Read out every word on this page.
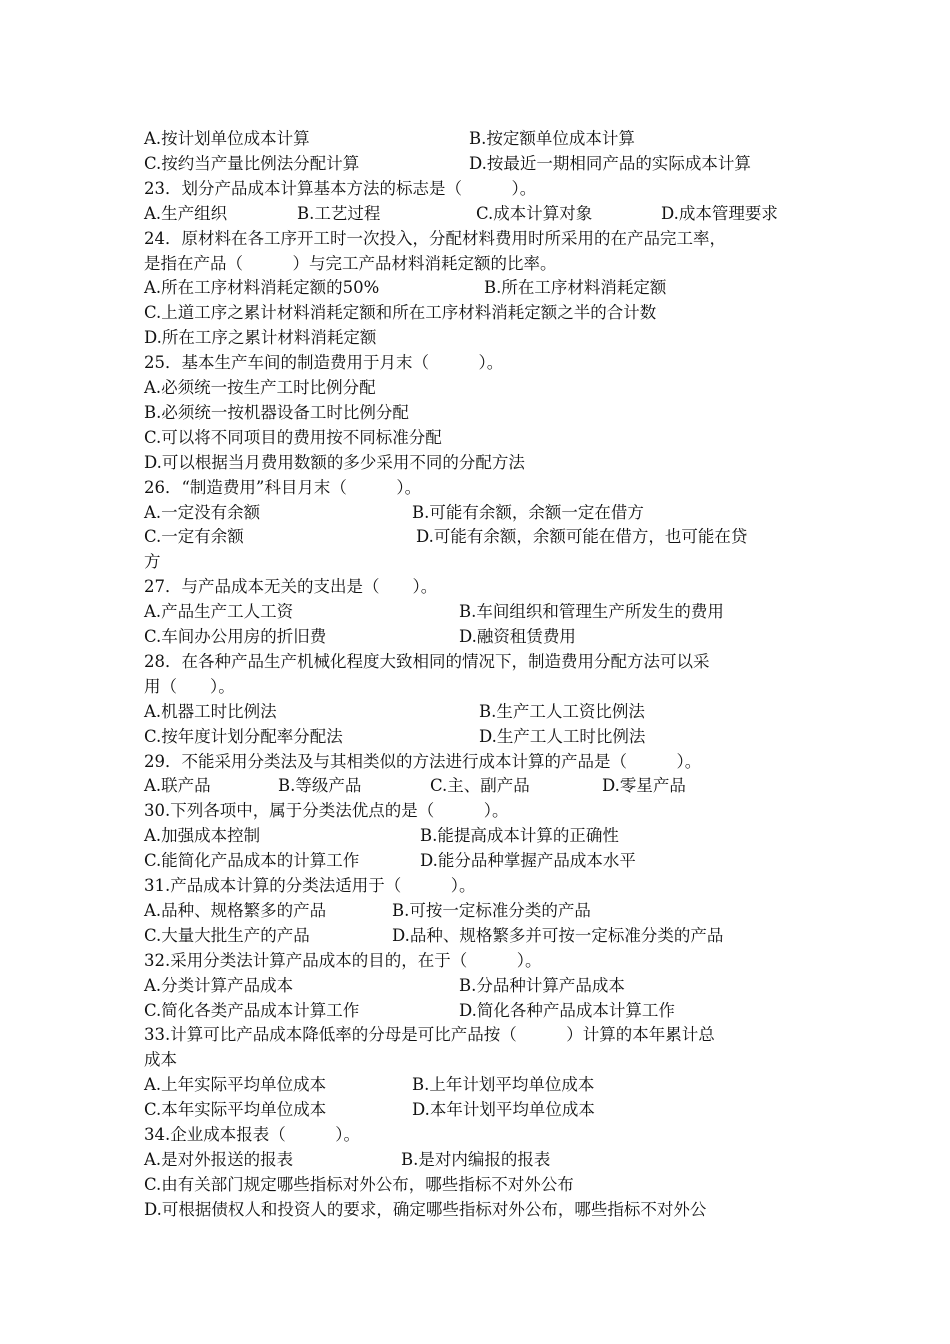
A.按计划单位成本计算	B.按定额单位成本计算
C.按约当产量比例法分配计算	D.按最近一期相同产品的实际成本计算
23．划分产品成本计算基本方法的标志是（　　　）。
A.生产组织	B.工艺过程	C.成本计算对象	D.成本管理要求
24．原材料在各工序开工时一次投入，分配材料费用时所采用的在产品完工率，
是指在产品（　　　）与完工产品材料消耗定额的比率。
A.所在工序材料消耗定额的50%	B.所在工序材料消耗定额
C.上道工序之累计材料消耗定额和所在工序材料消耗定额之半的合计数
D.所在工序之累计材料消耗定额
25．基本生产车间的制造费用于月末（　　　）。
A.必须统一按生产工时比例分配
B.必须统一按机器设备工时比例分配
C.可以将不同项目的费用按不同标准分配
D.可以根据当月费用数额的多少采用不同的分配方法
26．“制造费用”科目月末（　　　）。
A.一定没有余额	B.可能有余额，余额一定在借方
C.一定有余额	D.可能有余额，余额可能在借方，也可能在贷
方
27．与产品成本无关的支出是（　　）。
A.产品生产工人工资	B.车间组织和管理生产所发生的费用
C.车间办公用房的折旧费	D.融资租赁费用
28．在各种产品生产机械化程度大致相同的情况下，制造费用分配方法可以采
用（　　）。
A.机器工时比例法	B.生产工人工资比例法
C.按年度计划分配率分配法	D.生产工人工时比例法
29．不能采用分类法及与其相类似的方法进行成本计算的产品是（　　　）。
A.联产品	B.等级产品	C.主、副产品	D.零星产品
30.下列各项中，属于分类法优点的是（　　　）。
A.加强成本控制	B.能提高成本计算的正确性
C.能简化产品成本的计算工作	D.能分品种掌握产品成本水平
31.产品成本计算的分类法适用于（　　　）。
A.品种、规格繁多的产品	B.可按一定标准分类的产品
C.大量大批生产的产品	D.品种、规格繁多并可按一定标准分类的产品
32.采用分类法计算产品成本的目的，在于（　　　）。
A.分类计算产品成本	B.分品种计算产品成本
C.简化各类产品成本计算工作	D.简化各种产品成本计算工作
33.计算可比产品成本降低率的分母是可比产品按（　　　）计算的本年累计总
成本
A.上年实际平均单位成本	B.上年计划平均单位成本
C.本年实际平均单位成本	D.本年计划平均单位成本
34.企业成本报表（　　　）。
A.是对外报送的报表	B.是对内编报的报表
C.由有关部门规定哪些指标对外公布，哪些指标不对外公布
D.可根据债权人和投资人的要求，确定哪些指标对外公布，哪些指标不对外公
